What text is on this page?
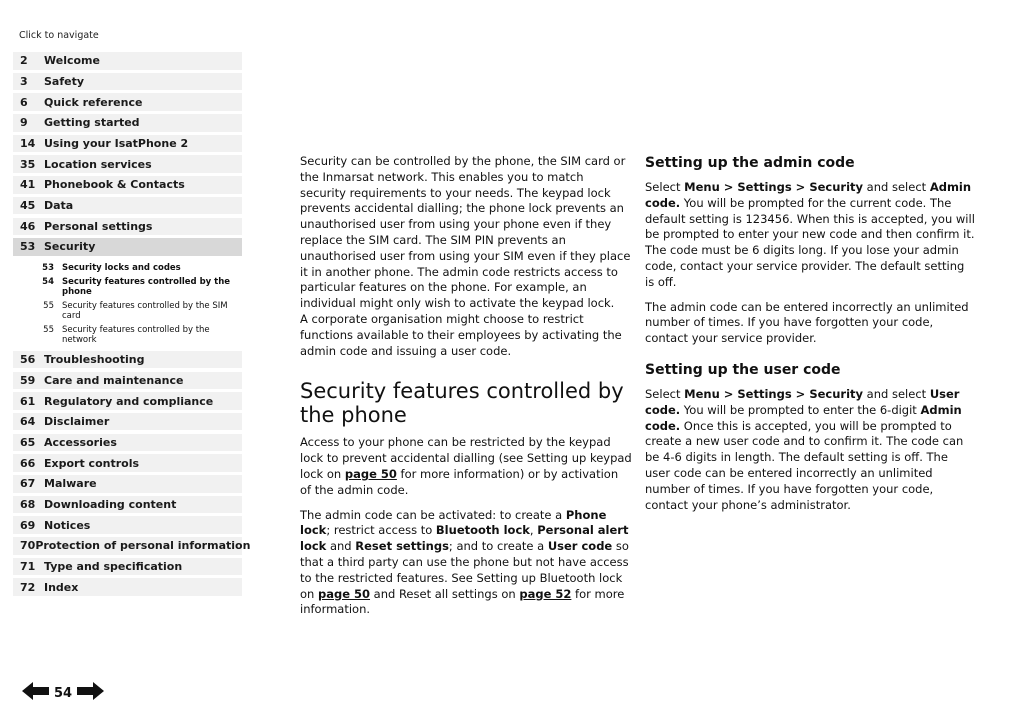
Click to navigate
2	Welcome
3	Safety
6	Quick reference
9	Getting started
14 Using your IsatPhone 2
35 Location services
41 Phonebook & Contacts
45 Data
46 Personal settings
53 Security
53 Security locks and codes
54 Security features controlled by the phone
55 Security features controlled by the SIM card
55 Security features controlled by the network
56 Troubleshooting
59 Care and maintenance
61 Regulatory and compliance
64 Disclaimer
65 Accessories
66 Export controls
67 Malware
68 Downloading content
69 Notices
70 Protection of personal information
71 Type and specification
72 Index

Security can be controlled by the phone, the SIM card or the Inmarsat network. This enables you to match security requirements to your needs. The keypad lock prevents accidental dialling; the phone lock prevents an unauthorised user from using your phone even if they replace the SIM card. The SIM PIN prevents an unauthorised user from using your SIM even if they place it in another phone. The admin code restricts access to particular features on the phone. For example, an individual might only wish to activate the keypad lock.

A corporate organisation might choose to restrict functions available to their employees by activating the admin code and issuing a user code.

Security features controlled by the phone

Access to your phone can be restricted by the keypad lock to prevent accidental dialling (see Setting up keypad lock on page 50 for more information) or by activation of the admin code.

The admin code can be activated: to create a Phone lock; restrict access to Bluetooth lock, Personal alert lock and Reset settings; and to create a User code so that a third party can use the phone but not have access to the restricted features. See Setting up Bluetooth lock on page 50 and Reset all settings on page 52 for more information.

Setting up the admin code

Select Menu > Settings > Security and select Admin code. You will be prompted for the current code. The default setting is 123456. When this is accepted, you will be prompted to enter your new code and then confirm it. The code must be 6 digits long. If you lose your admin code, contact your service provider. The default setting is off.

The admin code can be entered incorrectly an unlimited number of times. If you have forgotten your code, contact your service provider.

Setting up the user code

Select Menu > Settings > Security and select User code. You will be prompted to enter the 6-digit Admin code. Once this is accepted, you will be prompted to create a new user code and to confirm it. The code can be 4-6 digits in length. The default setting is off. The user code can be entered incorrectly an unlimited number of times. If you have forgotten your code, contact your phone’s administrator.

54
